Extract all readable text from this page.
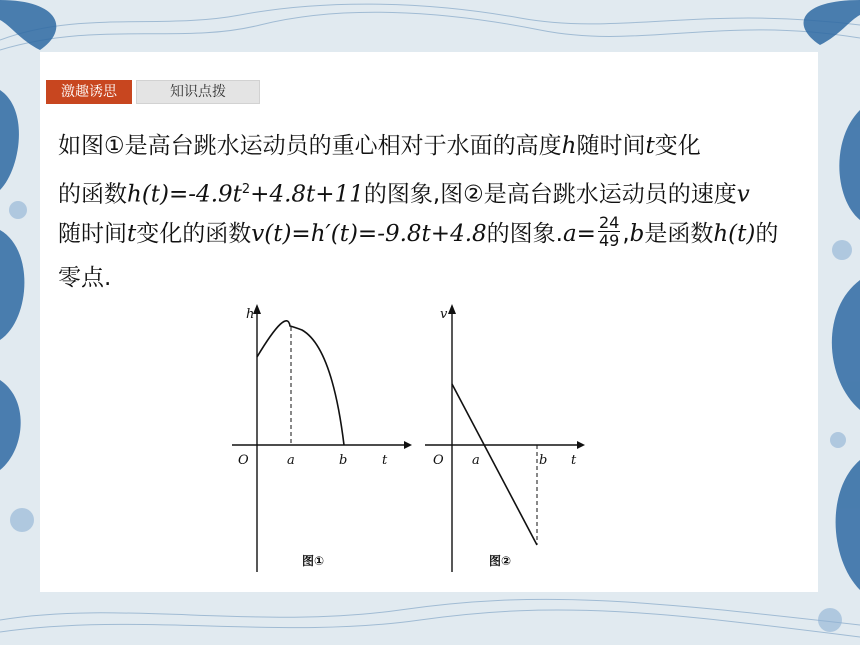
激趣诱思	知识点拨
如图①是高台跳水运动员的重心相对于水面的高度h随时间t变化
的函数$h(t)=-4.9t^2+4.8t+11$的图象,图②是高台跳水运动员的速度v
随时间t变化的函数v(t)=h′(t)=-9.8t+4.8的图象$.a= \frac{24}{49} ,b$是函数h(t)的
零点.
h
O	a	b	t
图①
v
O a	b t
图②
